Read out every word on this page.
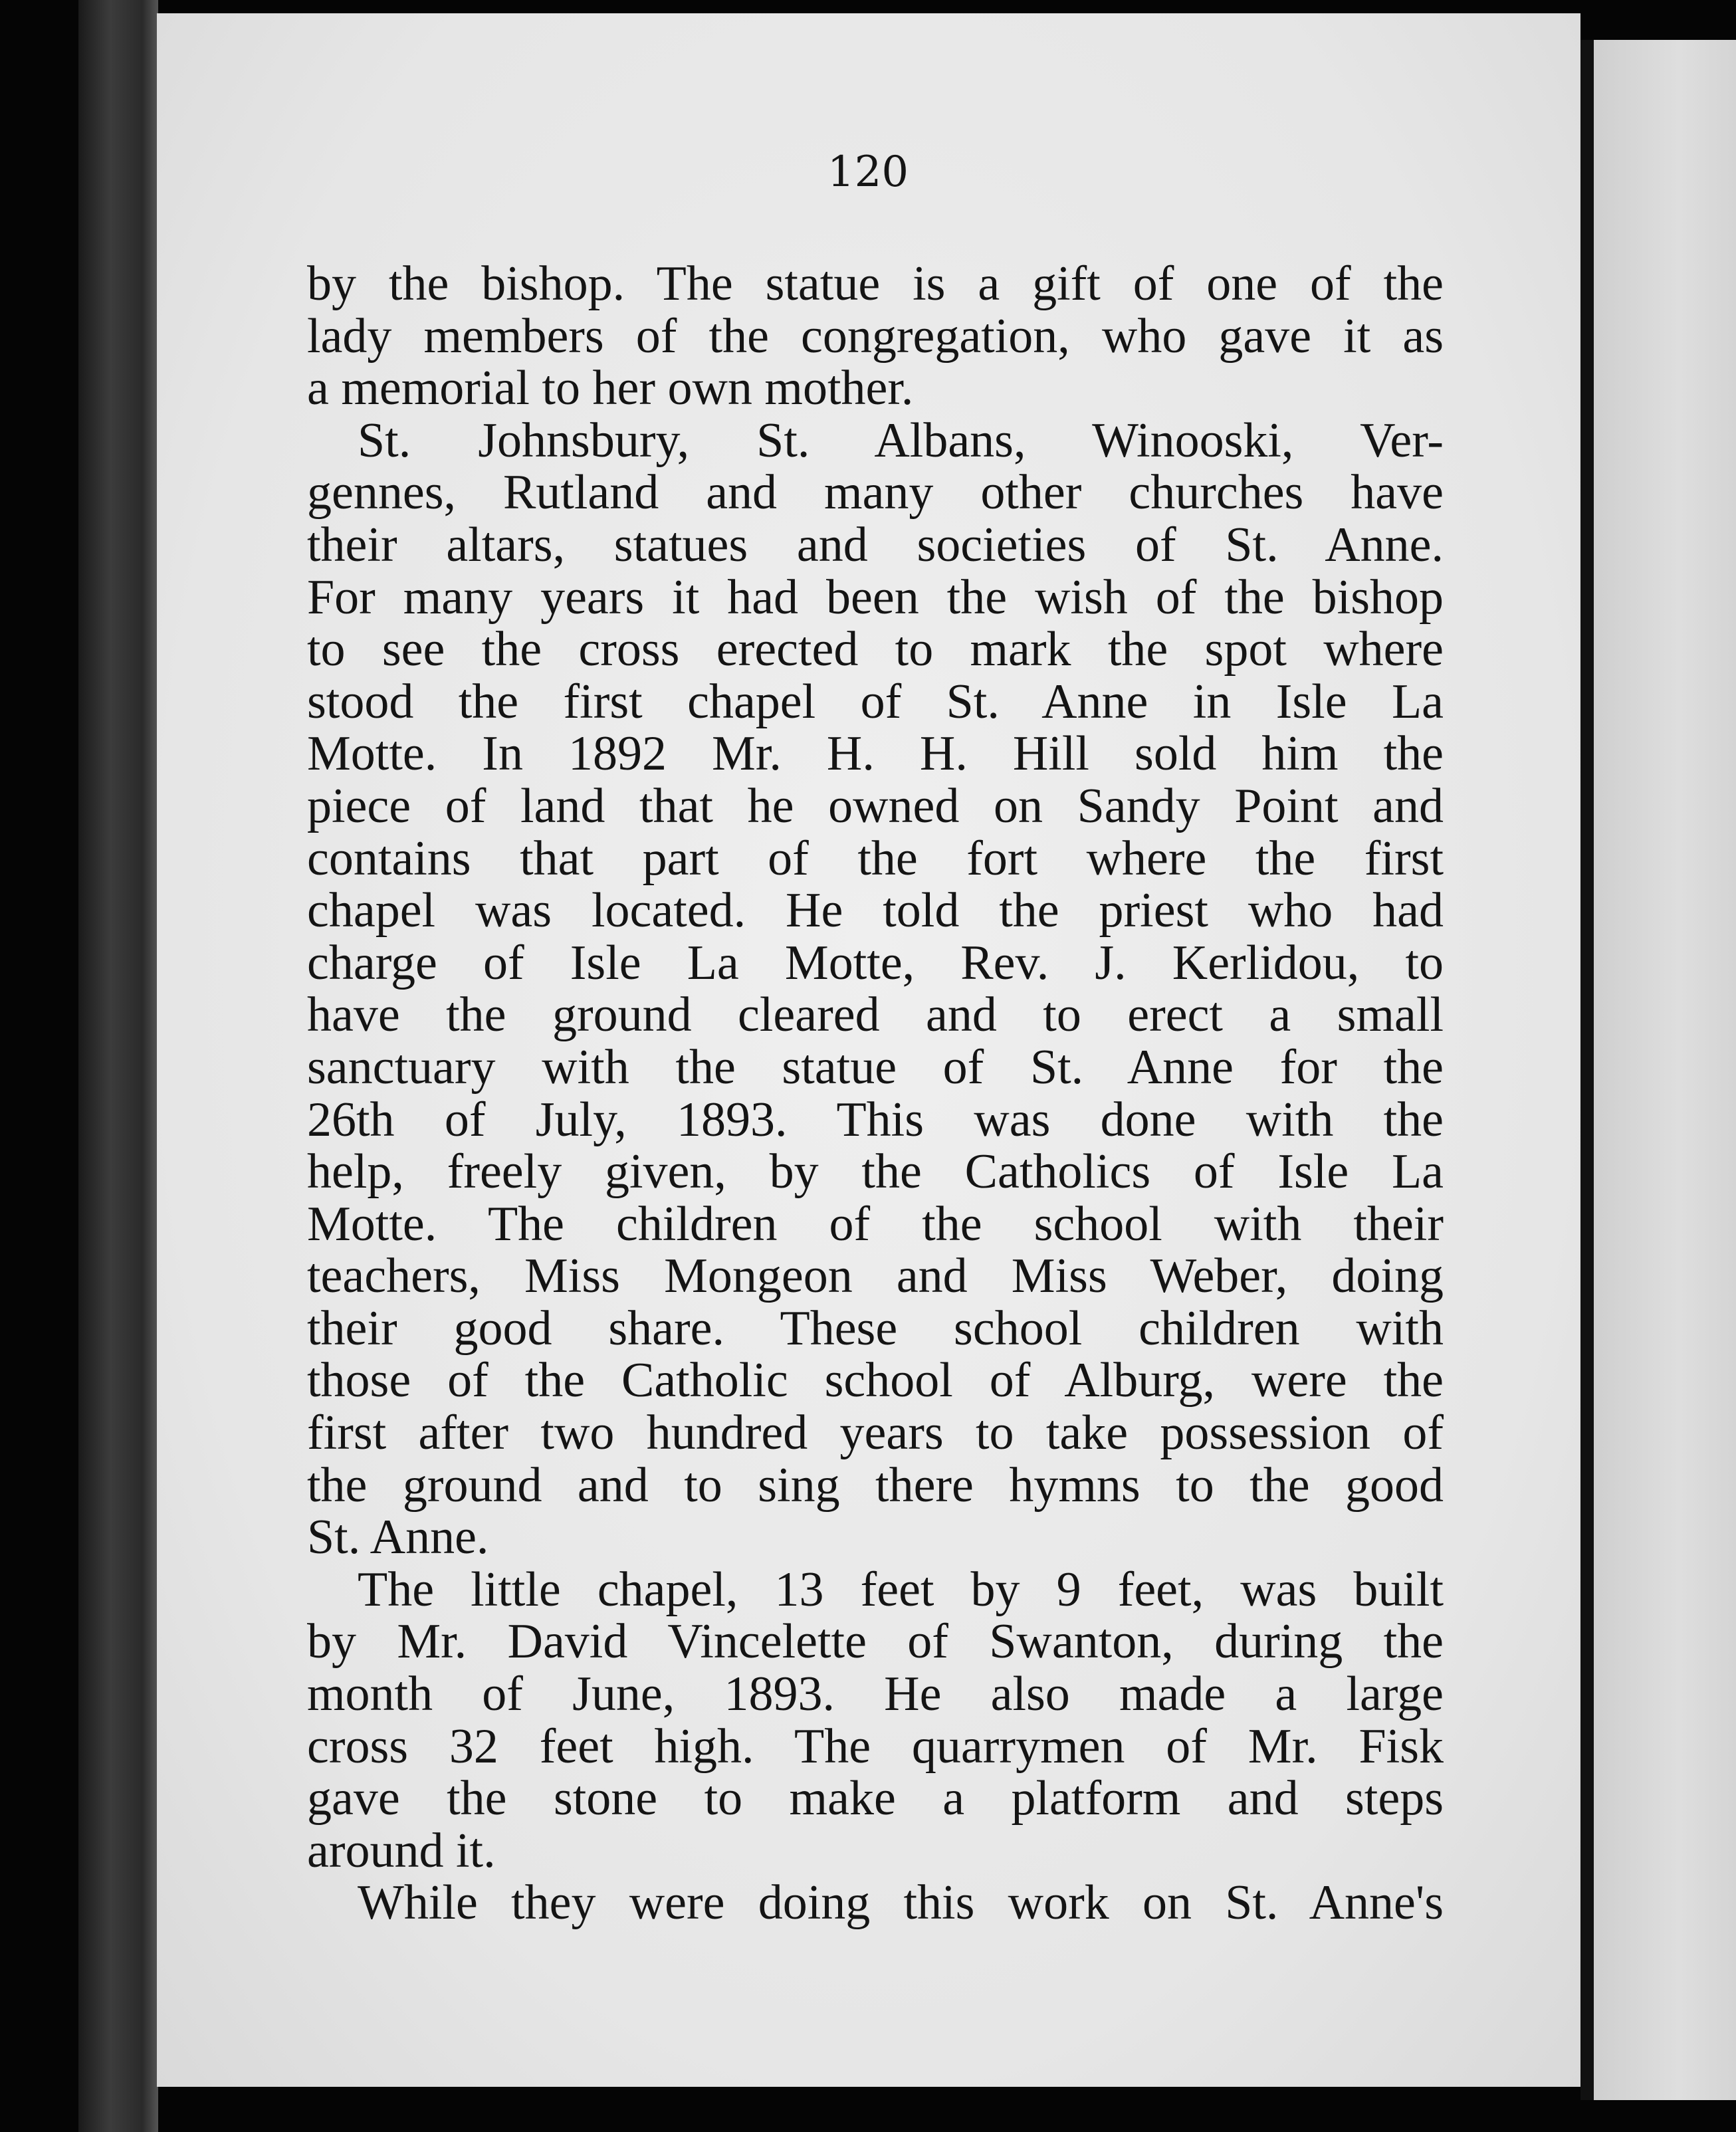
120
by the bishop. The statue is a gift of one of the
lady members of the congregation, who gave it as
a memorial to her own mother.
St. Johnsbury, St. Albans, Winooski, Ver-
gennes, Rutland and many other churches have
their altars, statues and societies of St. Anne.
For many years it had been the wish of the bishop
to see the cross erected to mark the spot where
stood the first chapel of St. Anne in Isle La
Motte. In 1892 Mr. H. H. Hill sold him the
piece of land that he owned on Sandy Point and
contains that part of the fort where the first
chapel was located. He told the priest who had
charge of Isle La Motte, Rev. J. Kerlidou, to
have the ground cleared and to erect a small
sanctuary with the statue of St. Anne for the
26th of July, 1893. This was done with the
help, freely given, by the Catholics of Isle La
Motte. The children of the school with their
teachers, Miss Mongeon and Miss Weber, doing
their good share. These school children with
those of the Catholic school of Alburg, were the
first after two hundred years to take possession of
the ground and to sing there hymns to the good
St. Anne.
The little chapel, 13 feet by 9 feet, was built
by Mr. David Vincelette of Swanton, during the
month of June, 1893. He also made a large
cross 32 feet high. The quarrymen of Mr. Fisk
gave the stone to make a platform and steps
around it.
While they were doing this work on St. Anne's
